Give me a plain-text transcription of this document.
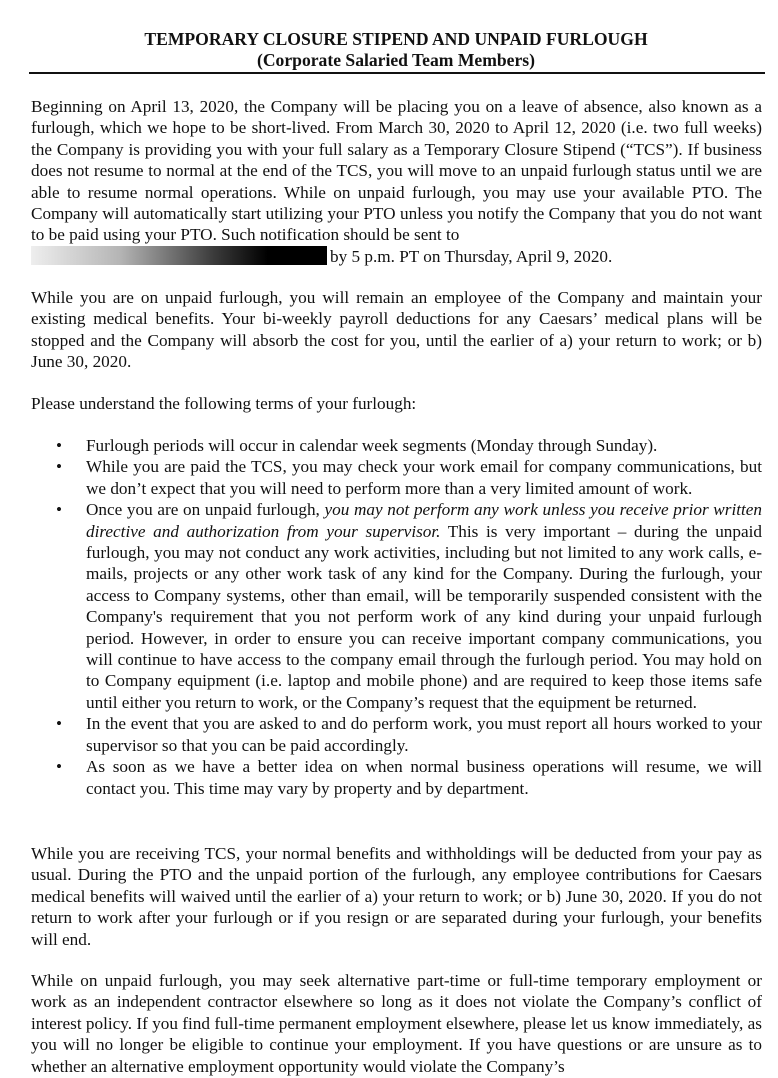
TEMPORARY CLOSURE STIPEND AND UNPAID FURLOUGH
(Corporate Salaried Team Members)

Beginning on April 13, 2020, the Company will be placing you on a leave of absence, also known as a furlough, which we hope to be short-lived. From March 30, 2020 to April 12, 2020 (i.e. two full weeks) the Company is providing you with your full salary as a Temporary Closure Stipend (“TCS”). If business does not resume to normal at the end of the TCS, you will move to an unpaid furlough status until we are able to resume normal operations. While on unpaid furlough, you may use your available PTO. The Company will automatically start utilizing your PTO unless you notify the Company that you do not want to be paid using your PTO. Such notification should be sent to

by 5 p.m. PT on Thursday, April 9, 2020.

While you are on unpaid furlough, you will remain an employee of the Company and maintain your existing medical benefits. Your bi-weekly payroll deductions for any Caesars’ medical plans will be stopped and the Company will absorb the cost for you, until the earlier of a) your return to work; or b) June 30, 2020.

Please understand the following terms of your furlough:

• Furlough periods will occur in calendar week segments (Monday through Sunday).
• While you are paid the TCS, you may check your work email for company communications, but we don’t expect that you will need to perform more than a very limited amount of work.
• Once you are on unpaid furlough, you may not perform any work unless you receive prior written directive and authorization from your supervisor. This is very important – during the unpaid furlough, you may not conduct any work activities, including but not limited to any work calls, e-mails, projects or any other work task of any kind for the Company. During the furlough, your access to Company systems, other than email, will be temporarily suspended consistent with the Company's requirement that you not perform work of any kind during your unpaid furlough period. However, in order to ensure you can receive important company communications, you will continue to have access to the company email through the furlough period. You may hold on to Company equipment (i.e. laptop and mobile phone) and are required to keep those items safe until either you return to work, or the Company’s request that the equipment be returned.
• In the event that you are asked to and do perform work, you must report all hours worked to your supervisor so that you can be paid accordingly.
• As soon as we have a better idea on when normal business operations will resume, we will contact you. This time may vary by property and by department.

While you are receiving TCS, your normal benefits and withholdings will be deducted from your pay as usual. During the PTO and the unpaid portion of the furlough, any employee contributions for Caesars medical benefits will waived until the earlier of a) your return to work; or b) June 30, 2020. If you do not return to work after your furlough or if you resign or are separated during your furlough, your benefits will end.

While on unpaid furlough, you may seek alternative part-time or full-time temporary employment or work as an independent contractor elsewhere so long as it does not violate the Company’s conflict of interest policy. If you find full-time permanent employment elsewhere, please let us know immediately, as you will no longer be eligible to continue your employment. If you have questions or are unsure as to whether an alternative employment opportunity would violate the Company’s
